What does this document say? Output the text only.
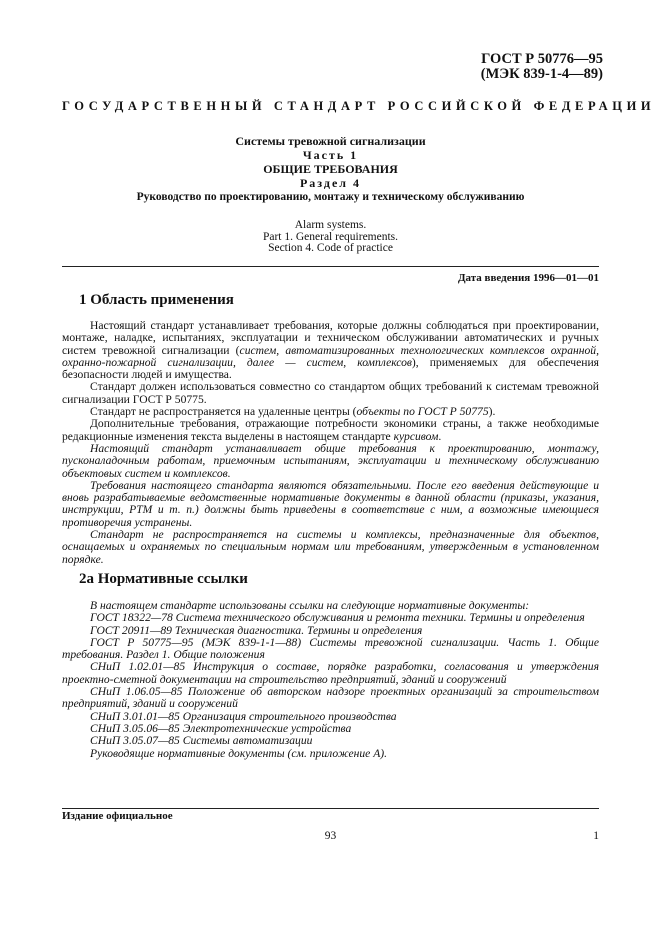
ГОСТ Р 50776—95
(МЭК 839-1-4—89)
ГОСУДАРСТВЕННЫЙ СТАНДАРТ РОССИЙСКОЙ ФЕДЕРАЦИИ
Системы тревожной сигнализации
Часть 1
ОБЩИЕ ТРЕБОВАНИЯ
Раздел 4
Руководство по проектированию, монтажу и техническому обслуживанию
Alarm systems.
Part 1. General requirements.
Section 4. Code of practice
Дата введения 1996—01—01
1 Область применения

Настоящий стандарт устанавливает требования, которые должны соблюдаться при проектировании, монтаже, наладке, испытаниях, эксплуатации и техническом обслуживании автоматических и ручных систем тревожной сигнализации (систем, автоматизированных технологических комплексов охранной, охранно-пожарной сигнализации, далее — систем, комплексов), применяемых для обеспечения безопасности людей и имущества.

Стандарт должен использоваться совместно со стандартом общих требований к системам тревожной сигнализации ГОСТ Р 50775.

Стандарт не распространяется на удаленные центры (объекты по ГОСТ Р 50775).

Дополнительные требования, отражающие потребности экономики страны, а также необходимые редакционные изменения текста выделены в настоящем стандарте курсивом.

Настоящий стандарт устанавливает общие требования к проектированию, монтажу, пусконаладочным работам, приемочным испытаниям, эксплуатации и техническому обслуживанию объектовых систем и комплексов.

Требования настоящего стандарта являются обязательными. После его введения действующие и вновь разрабатываемые ведомственные нормативные документы в данной области (приказы, указания, инструкции, РТМ и т. п.) должны быть приведены в соответствие с ним, а возможные имеющиеся противоречия устранены.

Стандарт не распространяется на системы и комплексы, предназначенные для объектов, оснащаемых и охраняемых по специальным нормам или требованиям, утвержденным в установленном порядке.

2а Нормативные ссылки

В настоящем стандарте использованы ссылки на следующие нормативные документы:

ГОСТ 18322—78 Система технического обслуживания и ремонта техники. Термины и определения

ГОСТ 20911—89 Техническая диагностика. Термины и определения

ГОСТ Р 50775—95 (МЭК 839-1-1—88) Системы тревожной сигнализации. Часть 1. Общие требования. Раздел 1. Общие положения

СНиП 1.02.01—85 Инструкция о составе, порядке разработки, согласования и утверждения проектно-сметной документации на строительство предприятий, зданий и сооружений

СНиП 1.06.05—85 Положение об авторском надзоре проектных организаций за строительством предприятий, зданий и сооружений

СНиП 3.01.01—85 Организация строительного производства

СНиП 3.05.06—85 Электротехнические устройства

СНиП 3.05.07—85 Системы автоматизации

Руководящие нормативные документы (см. приложение А).

Издание официальное
93	1
